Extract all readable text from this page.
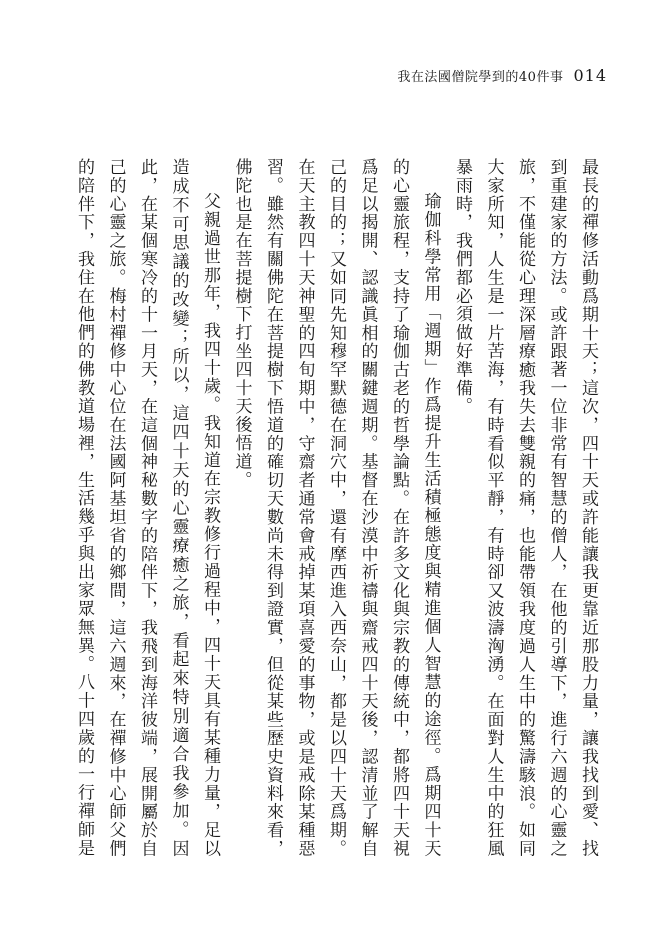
我在法國僧院學到的40件事 014

最長的禪修活動爲期十天；這次，四十天或許能讓我更靠近那股力量，讓我找到愛、找到重建家的方法。或許跟著一位非常有智慧的僧人，在他的引導下，進行六週的心靈之旅，不僅能從心理深層療癒我失去雙親的痛，也能帶領我度過人生中的驚濤駭浪。如同大家所知，人生是一片苦海，有時看似平靜，有時卻又波濤洶湧。在面對人生中的狂風暴雨時，我們都必須做好準備。

瑜伽科學常用「週期」作爲提升生活積極態度與精進個人智慧的途徑。爲期四十天的心靈旅程，支持了瑜伽古老的哲學論點。在許多文化與宗教的傳統中，都將四十天視爲足以揭開、認識眞相的關鍵週期。基督在沙漠中祈禱與齋戒四十天後，認清並了解自己的目的；又如同先知穆罕默德在洞穴中，還有摩西進入西奈山，都是以四十天爲期。在天主教四十天神聖的四旬期中，守齋者通常會戒掉某項喜愛的事物，或是戒除某種惡習。雖然有關佛陀在菩提樹下悟道的確切天數尚未得到證實，但從某些歷史資料來看，佛陀也是在菩提樹下打坐四十天後悟道。

父親過世那年，我四十歲。我知道在宗教修行過程中，四十天具有某種力量，足以造成不可思議的改變；所以，這四十天的心靈療癒之旅，看起來特別適合我參加。因此，在某個寒冷的十一月天，在這個神秘數字的陪伴下，我飛到海洋彼端，展開屬於自己的心靈之旅。梅村禪修中心位在法國阿基坦省的鄉間，這六週來，在禪修中心師父們的陪伴下，我住在他們的佛教道場裡，生活幾乎與出家眾無異。八十四歲的一行禪師是
